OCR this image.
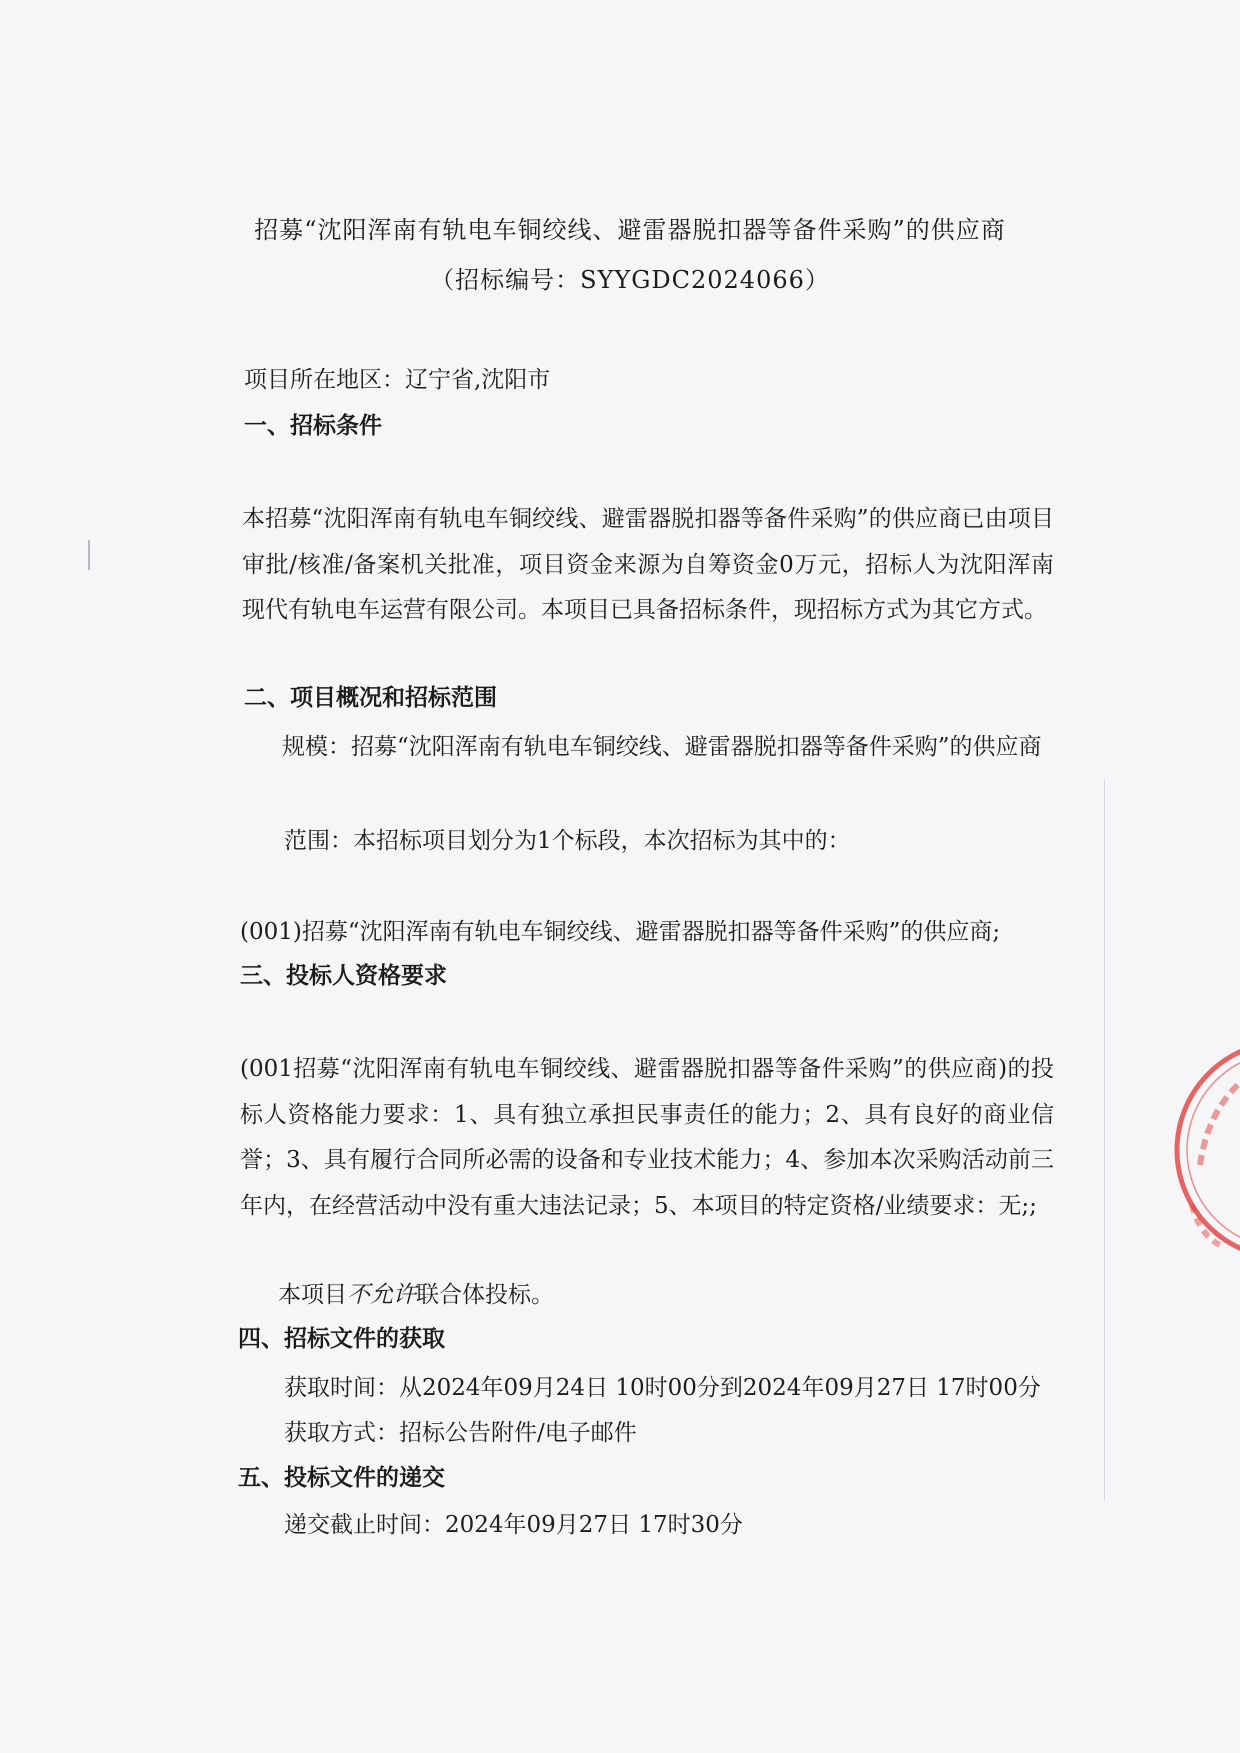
招募“沈阳浑南有轨电车铜绞线、避雷器脱扣器等备件采购”的供应商
（招标编号：SYYGDC2024066）
项目所在地区：辽宁省,沈阳市
一、招标条件
本招募“沈阳浑南有轨电车铜绞线、避雷器脱扣器等备件采购”的供应商已由项目审批/核准/备案机关批准，项目资金来源为自筹资金0万元，招标人为沈阳浑南现代有轨电车运营有限公司。本项目已具备招标条件，现招标方式为其它方式。
二、项目概况和招标范围
规模：招募“沈阳浑南有轨电车铜绞线、避雷器脱扣器等备件采购”的供应商
范围：本招标项目划分为1个标段，本次招标为其中的：
(001)招募“沈阳浑南有轨电车铜绞线、避雷器脱扣器等备件采购”的供应商;
三、投标人资格要求
(001招募“沈阳浑南有轨电车铜绞线、避雷器脱扣器等备件采购”的供应商)的投标人资格能力要求：1、具有独立承担民事责任的能力；2、具有良好的商业信誉；3、具有履行合同所必需的设备和专业技术能力；4、参加本次采购活动前三年内，在经营活动中没有重大违法记录；5、本项目的特定资格/业绩要求：无;;
本项目不允许联合体投标。
四、招标文件的获取
获取时间：从2024年09月24日 10时00分到2024年09月27日 17时00分
获取方式：招标公告附件/电子邮件
五、投标文件的递交
递交截止时间：2024年09月27日 17时30分
